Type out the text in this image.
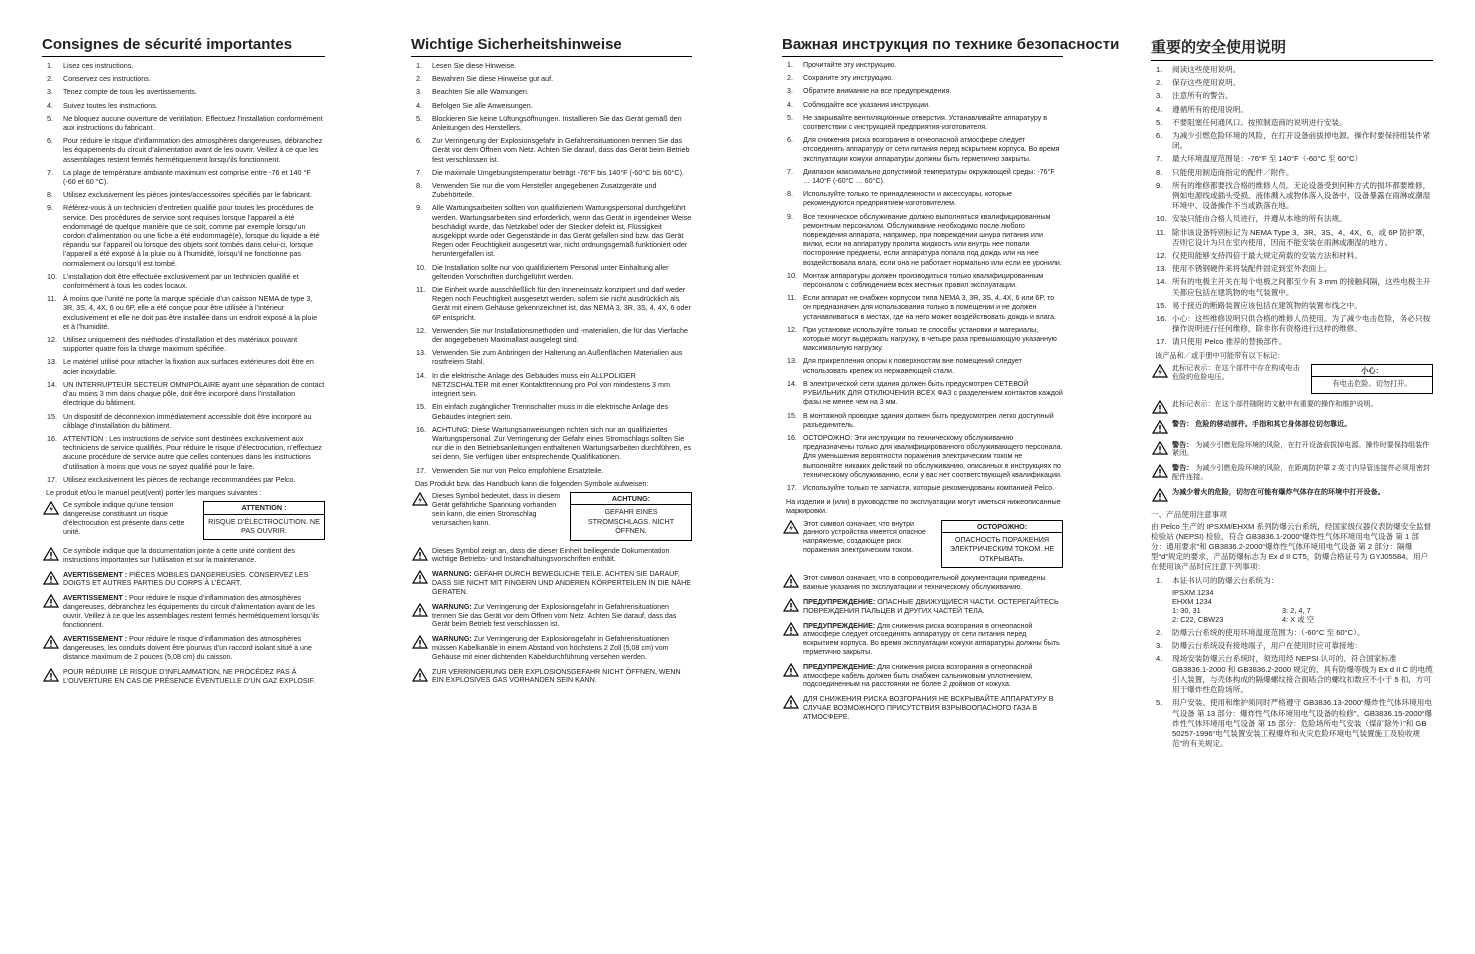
Consignes de sécurité importantes
1. Lisez ces instructions.
2. Conservez ces instructions.
3. Tenez compte de tous les avertissements.
4. Suivez toutes les instructions.
5. Ne bloquez aucune ouverture de ventilation. Effectuez l’installation conformément aux instructions du fabricant.
6. Pour réduire le risque d’inflammation des atmosphères dangereuses, débranchez les équipements du circuit d’alimentation avant de les ouvrir. Veillez à ce que les assemblages restent fermés hermétiquement lorsqu’ils fonctionnent.
7. La plage de température ambiante maximum est comprise entre -76 et 140 °F (-60 et 60 °C).
8. Utilisez exclusivement les pièces jointes/accessoires spécifiés par le fabricant.
9. Référez-vous à un technicien d’entretien qualifié pour toutes les procédures de service. Des procédures de service sont requises lorsque l’appareil a été endommagé de quelque manière que ce soit, comme par exemple lorsqu’un cordon d’alimentation ou une fiche a été endommagé(e), lorsque du liquide a été répandu sur l’appareil ou lorsque des objets sont tombés dans celui-ci, lorsque l’appareil a été exposé à la pluie ou à l’humidité, lorsqu’il ne fonctionne pas normalement ou lorsqu’il est tombé.
10. L’installation doit être effectuée exclusivement par un technicien qualifié et conformément à tous les codes locaux.
11. À moins que l’unité ne porte la marque spéciale d’un caisson NEMA de type 3, 3R, 3S, 4, 4X, 6 ou 6P, elle a été conçue pour être utilisée à l’intérieur exclusivement et elle ne doit pas être installée dans un endroit exposé à la pluie et à l’humidité.
12. Utilisez uniquement des méthodes d’installation et des matériaux pouvant supporter quatre fois la charge maximum spécifiée.
13. Le matériel utilisé pour attacher la fixation aux surfaces extérieures doit être en acier inoxydable.
14. UN INTERRUPTEUR SECTEUR OMNIPOLAIRE ayant une séparation de contact d’au moins 3 mm dans chaque pôle, doit être incorporé dans l’installation électrique du bâtiment.
15. Un dispositif de déconnexion immédiatement accessible doit être incorporé au câblage d’installation du bâtiment.
16. ATTENTION : Les instructions de service sont destinées exclusivement aux techniciens de service qualifiés. Pour réduire le risque d’électrocution, n’effectuez aucune procédure de service autre que celles contenues dans les instructions d’utilisation à moins que vous ne soyez qualifié pour le faire.
17. Utilisez exclusivement les pièces de rechange recommandées par Pelco.

Le produit et/ou le manuel peut(vent) porter les marques suivantes :

Ce symbole indique qu’une tension dangereuse constituant un risque d’électrocution est présente dans cette unité.
ATTENTION :
RISQUE D’ÉLECTROCUTION. NE PAS OUVRIR.
Ce symbole indique que la documentation jointe à cette unité contient des instructions importantes sur l’utilisation et sur la maintenance.
AVERTISSEMENT : PIÈCES MOBILES DANGEREUSES. CONSERVEZ LES DOIGTS ET AUTRES PARTIES DU CORPS À L’ÉCART.
AVERTISSEMENT : Pour réduire le risque d’inflammation des atmosphères dangereuses, débranchez les équipements du circuit d’alimentation avant de les ouvrir. Veillez à ce que les assemblages restent fermés hermétiquement lorsqu’ils fonctionnent.
AVERTISSEMENT : Pour réduire le risque d’inflammation des atmosphères dangereuses, les conduits doivent être pourvus d’un raccord isolant situé à une distance maximum de 2 pouces (5,08 cm) du caisson.
POUR RÉDUIRE LE RISQUE D’INFLAMMATION, NE PROCÉDEZ PAS À L’OUVERTURE EN CAS DE PRÉSENCE ÉVENTUELLE D’UN GAZ EXPLOSIF.
Wichtige Sicherheitshinweise
1. Lesen Sie diese Hinweise.
2. Bewahren Sie diese Hinweise gut auf.
3. Beachten Sie alle Warnungen.
4. Befolgen Sie alle Anweisungen.
5. Blockieren Sie keine Lüftungsöffnungen. Installieren Sie das Gerät gemäß den Anleitungen des Herstellers.
6. Zur Verringerung der Explosionsgefahr in Gefahrensituationen trennen Sie das Gerät vor dem Öffnen vom Netz. Achten Sie darauf, dass das Gerät beim Betrieb fest verschlossen ist.
7. Die maximale Umgebungstemperatur beträgt -76°F bis 140°F (-60°C bis 60°C).
8. Verwenden Sie nur die vom Hersteller angegebenen Zusatzgeräte und Zubehörteile.
9. Alle Wartungsarbeiten sollten von qualifiziertem Wartungspersonal durchgeführt werden. Wartungsarbeiten sind erforderlich, wenn das Gerät in irgendeiner Weise beschädigt wurde, das Netzkabel oder der Stecker defekt ist, Flüssigkeit ausgekippt wurde oder Gegenstände in das Gerät gefallen sind bzw. das Gerät Regen oder Feuchtigkeit ausgesetzt war, nicht ordnungsgemäß funktioniert oder heruntergefallen ist.
10. Die Installation sollte nur von qualifiziertem Personal unter Einhaltung aller geltenden Vorschriften durchgeführt werden.
11. Die Einheit wurde ausschließlich für den Inneneinsatz konzipiert und darf weder Regen noch Feuchtigkeit ausgesetzt werden, sofern sie nicht ausdrücklich als Gerät mit einem Gehäuse gekennzeichnet ist, das NEMA 3, 3R, 3S, 4, 4X, 6 oder 6P entspricht.
12. Verwenden Sie nur Installationsmethoden und -materialien, die für das Vierfache der angegebenen Maximallast ausgelegt sind.
13. Verwenden Sie zum Anbringen der Halterung an Außenflächen Materialien aus rostfreiem Stahl.
14. In die elektrische Anlage des Gebäudes muss ein ALLPOLIGER NETZSCHALTER mit einer Kontakttrennung pro Pol von mindestens 3 mm integriert sein.
15. Ein einfach zugänglicher Trennschalter muss in die elektrische Anlage des Gebäudes integriert sein.
16. ACHTUNG: Diese Wartungsanweisungen richten sich nur an qualifiziertes Wartungspersonal. Zur Verringerung der Gefahr eines Stromschlags sollten Sie nur die in den Betriebsanleitungen enthaltenen Wartungsarbeiten durchführen, es sei denn, Sie verfügen über entsprechende Qualifikationen.
17. Verwenden Sie nur von Pelco empfohlene Ersatzteile.

Das Produkt bzw. das Handbuch kann die folgenden Symbole aufweisen:

Dieses Symbol bedeutet, dass in diesem Gerät gefährliche Spannung vorhanden sein kann, die einen Stromschlag verursachen kann.
ACHTUNG:
GEFAHR EINES STROMSCHLAGS. NICHT ÖFFNEN.
Dieses Symbol zeigt an, dass die dieser Einheit beiliegende Dokumentation wichtige Betriebs- und Instandhaltungsvorschriften enthält.
WARNUNG: GEFAHR DURCH BEWEGLICHE TEILE. ACHTEN SIE DARAUF, DASS SIE NICHT MIT FINGERN UND ANDEREN KÖRPERTEILEN IN DIE NÄHE GERATEN.
WARNUNG: Zur Verringerung der Explosionsgefahr in Gefahrensituationen trennen Sie das Gerät vor dem Öffnen vom Netz. Achten Sie darauf, dass das Gerät beim Betrieb fest verschlossen ist.
WARNUNG: Zur Verringerung der Explosionsgefahr in Gefahrensituationen müssen Kabelkanäle in einem Abstand von höchstens 2 Zoll (5,08 cm) vom Gehäuse mit einer dichtenden Kabeldurchführung versehen werden.
ZUR VERRINGERUNG DER EXPLOSIONSGEFAHR NICHT ÖFFNEN, WENN EIN EXPLOSIVES GAS VORHANDEN SEIN KANN.
Важная инструкция по технике безопасности
1. Прочитайте эту инструкцию.
2. Сохраните эту инструкцию.
3. Обратите внимание на все предупреждения.
4. Соблюдайте все указания инструкции.
5. Не закрывайте вентиляционные отверстия. Устанавливайте аппаратуру в соответствии с инструкцией предприятия-изготовителя.
6. Для снижения риска возгорания в огнеопасной атмосфере следует отсоединять аппаратуру от сети питания перед вскрытием корпуса. Во время эксплуатации кожухи аппаратуры должны быть герметично закрыты.
7. Диапазон максимально допустимой температуры окружающей среды: -76°F … 140°F (-60°C … 60°C).
8. Используйте только те принадлежности и аксессуары, которые рекомендуются предприятием-изготовителем.
9. Все техническое обслуживание должно выполняться квалифицированным ремонтным персоналом. Обслуживание необходимо после любого повреждения аппарата, например, при повреждении шнура питания или вилки, если на аппаратуру пролита жидкость или внутрь нее попали посторонние предметы, если аппаратура попала под дождь или на нее воздействовала влага, если она не работает нормально или если ее уронили.
10. Монтаж аппаратуры должен производиться только квалифицированным персоналом с соблюдением всех местных правил эксплуатации.
11. Если аппарат не снабжен корпусом типа NEMA 3, 3R, 3S, 4, 4X, 6 или 6P, то он предназначен для использования только в помещении и не должен устанавливаться в местах, где на него может воздействовать дождь и влага.
12. При установке используйте только те способы установки и материалы, которые могут выдержать нагрузку, в четыре раза превышающую указанную максимальную нагрузку.
13. Для прикрепления опоры к поверхностям вне помещений следует использовать крепеж из нержавеющей стали.
14. В электрической сети здания должен быть предусмотрен СЕТЕВОЙ РУБИЛЬНИК ДЛЯ ОТКЛЮЧЕНИЯ ВСЕХ ФАЗ с разделением контактов каждой фазы не менее чем на 3 мм.
15. В монтажной проводке здания должен быть предусмотрен легко доступный разъединитель.
16. ОСТОРОЖНО: Эти инструкции по техническому обслуживанию предназначены только для квалифицированного обслуживающего персонала. Для уменьшения вероятности поражения электрическим током не выполняйте никаких действий по обслуживанию, описанных в инструкциях по техническому обслуживанию, если у вас нет соответствующей квалификации.
17. Используйте только те запчасти, которые рекомендованы компанией Pelco.

На изделии и (или) в руководстве по эксплуатации могут иметься нижеописанные маркировки.

Этот символ означает, что внутри данного устройства имеется опасное напряжение, создающее риск поражения электрическим током.
ОСТОРОЖНО:
ОПАСНОСТЬ ПОРАЖЕНИЯ ЭЛЕКТРИЧЕСКИМ ТОКОМ. НЕ ОТКРЫВАТЬ.
Этот символ означает, что в сопроводительной документации приведены важные указания по эксплуатации и техническому обслуживанию.
ПРЕДУПРЕЖДЕНИЕ: ОПАСНЫЕ ДВИЖУЩИЕСЯ ЧАСТИ. ОСТЕРЕГАЙТЕСЬ ПОВРЕЖДЕНИЯ ПАЛЬЦЕВ И ДРУГИХ ЧАСТЕЙ ТЕЛА.
ПРЕДУПРЕЖДЕНИЕ: Для снижения риска возгорания в огнеопасной атмосфере следует отсоединять аппаратуру от сети питания перед вскрытием корпуса. Во время эксплуатации кожухи аппаратуры должны быть герметично закрыты.
ПРЕДУПРЕЖДЕНИЕ: Для снижения риска возгорания в огнеопасной атмосфере кабель должен быть снабжен сальниковым уплотнением, подсоединенным на расстоянии не более 2 дюймов от кожуха.
ДЛЯ СНИЖЕНИЯ РИСКА ВОЗГОРАНИЯ НЕ ВСКРЫВАЙТЕ АППАРАТУРУ В СЛУЧАЕ ВОЗМОЖНОГО ПРИСУТСТВИЯ ВЗРЫВООПАСНОГО ГАЗА В АТМОСФЕРЕ.
重要的安全使用说明
1. 阅读这些使用说明。
2. 保存这些使用说明。
3. 注意所有的警告。
4. 遵循所有的使用说明。
5. 不要阻塞任何通风口。按照制造商的说明进行安装。
6. 为减少引燃危险环境的风险，在打开设备前拔掉电源。操作时要保持组装件紧闭。
7. 最大环境温度范围是：-76°F 至 140°F（-60°C 至 60°C）
8. 只能使用制造商指定的配件／附件。
9. 所有的维修都要找合格的维修人员。无论设备受到何种方式的损坏都要维修，例如电源线或插头受损、液体溅入或物体落入设备中、设备暴露在雨淋或潮湿环境中、设备操作不当或跌落在地。
10. 安装只能由合格人员进行，并遵从本地的所有法规。
11. 除非该设备特别标记为 NEMA Type 3、3R、3S、4、4X、6、或 6P 防护罩，否则它设计为只在室内使用，因而不能安装在雨淋或潮湿的地方。
12. 仅使用能够支持四倍于最大规定荷载的安装方法和材料。
13. 使用不锈钢硬件来将装配件固定到室外表面上。
14. 所有的电极主开关在每个电极之间都至少有 3 mm 的接触间隔，这些电极主开关都应包括在建筑物的电气装置中。
15. 易于接近的断路装置应该包括在建筑物的装置布线之中。
16. 小心：这些维修说明只供合格的维修人员使用。为了减少电击危险，务必只按操作说明进行任何维修，除非你有资格进行这样的维修。
17. 请只使用 Pelco 推荐的替换部件。

该产品和／或手册中可能带有以下标记：

此标记表示：在这个部件中存在构成电击危险的危险电压。
小心：
有电击危险。切勿打开。
此标记表示：在这个部件随附的文献中有重要的操作和维护说明。
警告： 危险的移动部件。手指和其它身体部位切勿靠近。
警告： 为减少引燃危险环境的风险，在打开设备前拔掉电源。操作时要保持组装件紧闭。
警告： 为减少引燃危险环境的风险，在距离防护罩 2 英寸内导管连接件必须用密封配件连接。
为减少着火的危险，切勿在可能有爆炸气体存在的环境中打开设备。
一、产品使用注意事项

由 Pelco 生产的 IPSXM/EHXM 系列防爆云台系统，经国家级仪器仪表防爆安全监督检验站 (NEPSI) 检验，符合 GB3836.1-2000“爆炸性气体环境用电气设备 第 1 部分：通用要求”和 GB3836.2-2000“爆炸性气体环境用电气设备 第 2 部分：隔爆型“d”规定的要求，产品防爆标志为 Ex d II CT5，防爆合格证号为 GYJ05584。用户在使用该产品时应注意下列事项：

1. 本证书认可的防爆云台系统为：
IPSXM 1234
EHXM 1234
1: 30, 31	3: 2, 4, 7
2: C22, CBW23	4: X 或 空
2. 防爆云台系统的使用环境温度范围为：（-60°C 至 60°C）。
3. 防爆云台系统设有接地端子，用户在使用时应可靠接地：
4. 现场安装防爆云台系统时，须选用经 NEPSI 认可的、符合国家标准 GB3836.1-2000 和 GB3836.2-2000 规定的、具有防爆等级为 Ex d II C 的电缆引入装置，与壳体构成的隔爆螺纹接合面啮合的螺纹扣数应不小于 5 扣，方可用于爆炸性危险场所。
5. 用户安装、使用和维护须同时严格遵守 GB3836.13-2000“爆炸性气体环境用电气设备 第 13 部分：爆炸性气体环境用电气设备的检修”、GB3836.15-2000“爆炸性气体环境用电气设备 第 15 部分：危险场所电气安装（煤矿除外）”和 GB 50257-1996“电气装置安装工程爆炸和火灾危险环境电气装置施工及验收规范”的有关规定。
